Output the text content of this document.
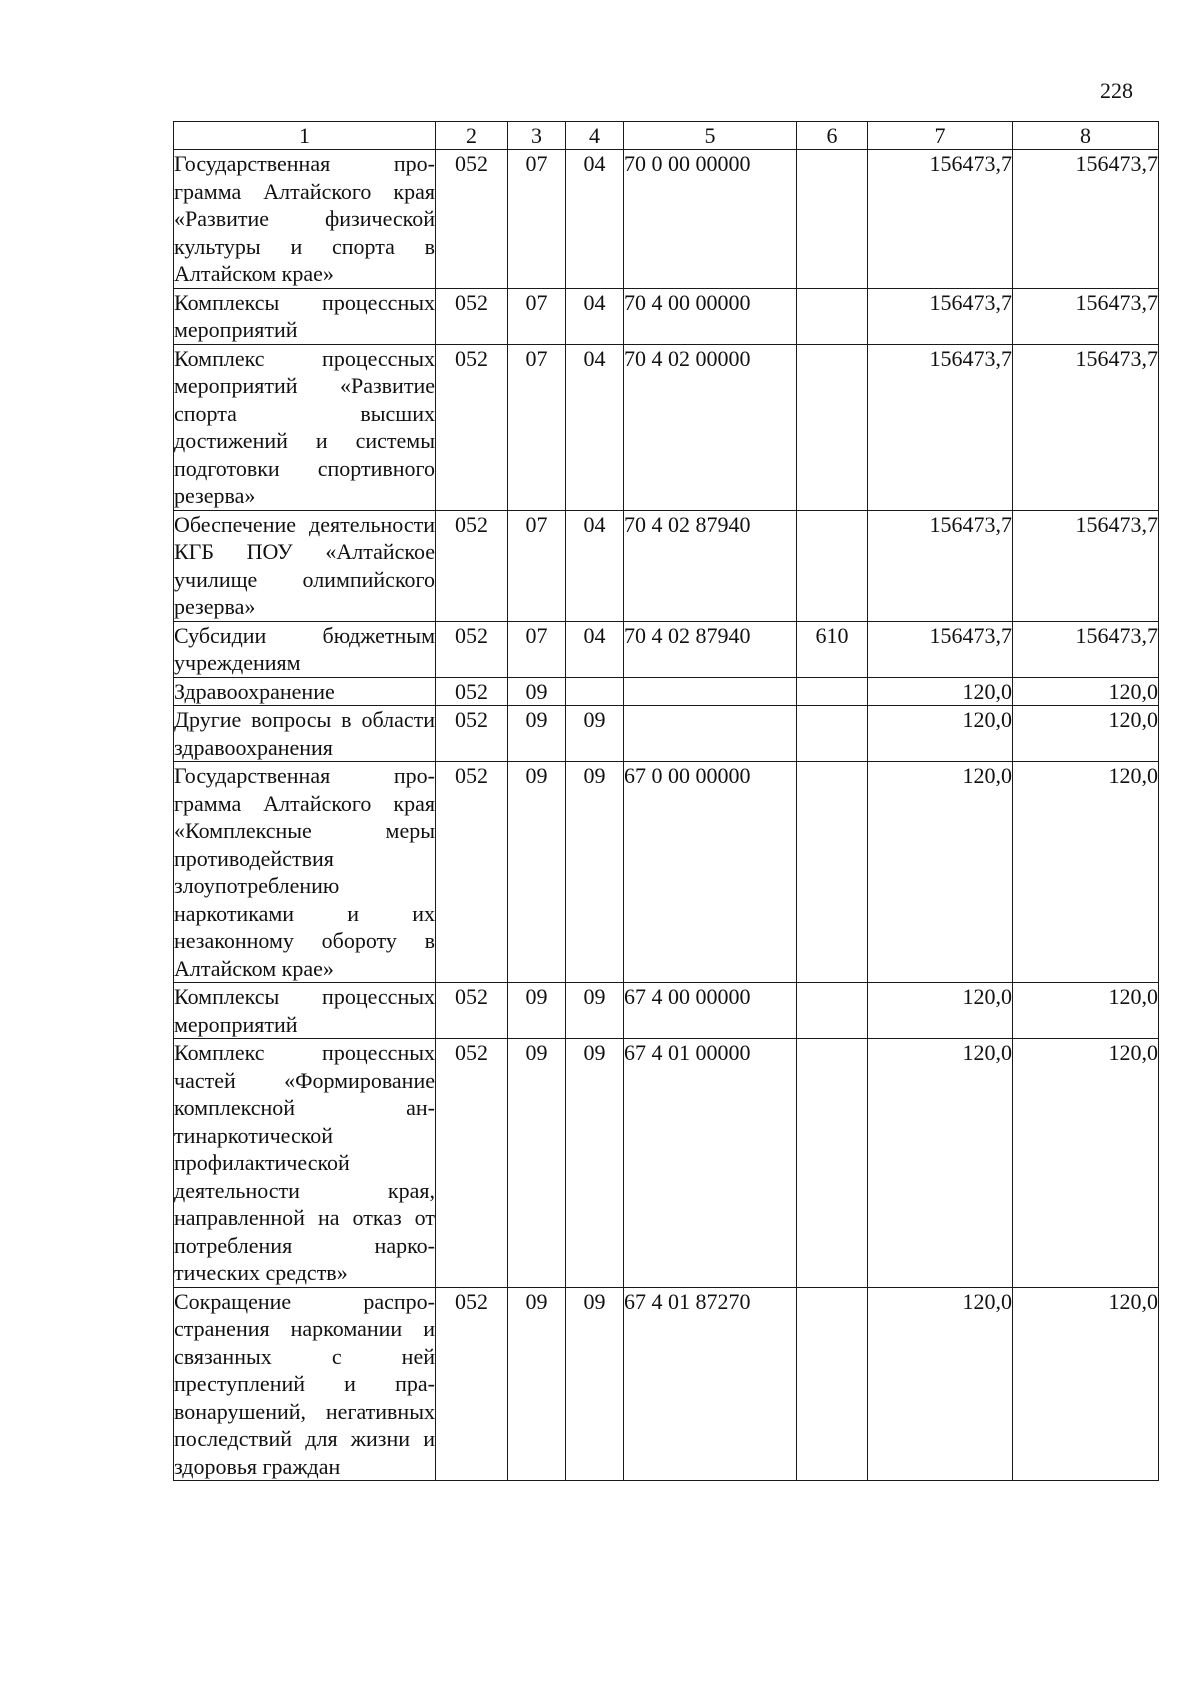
228
1	2	3	4	5	6	7	8
Государственная программа Алтайского края «Развитие физической культуры и спорта в Алтайском крае»	052	07	04	70 0 00 00000		156473,7	156473,7
Комплексы процессных мероприятий	052	07	04	70 4 00 00000		156473,7	156473,7
Комплекс процессных мероприятий «Развитие спорта высших достижений и системы подготовки спортивного резерва»	052	07	04	70 4 02 00000		156473,7	156473,7
Обеспечение деятельности КГБ ПОУ «Алтайское училище олимпийского резерва»	052	07	04	70 4 02 87940		156473,7	156473,7
Субсидии бюджетным учреждениям	052	07	04	70 4 02 87940	610	156473,7	156473,7
Здравоохранение	052	09				120,0	120,0
Другие вопросы в области здравоохранения	052	09	09			120,0	120,0
Государственная программа Алтайского края «Комплексные меры противодействия злоупотреблению наркотиками и их незаконному обороту в Алтайском крае»	052	09	09	67 0 00 00000		120,0	120,0
Комплексы процессных мероприятий	052	09	09	67 4 00 00000		120,0	120,0
Комплекс процессных частей «Формирование комплексной антинаркотической профилактической деятельности края, направленной на отказ от потребления наркотических средств»	052	09	09	67 4 01 00000		120,0	120,0
Сокращение распространения наркомании и связанных с ней преступлений и правонарушений, негативных последствий для жизни и здоровья граждан	052	09	09	67 4 01 87270		120,0	120,0
